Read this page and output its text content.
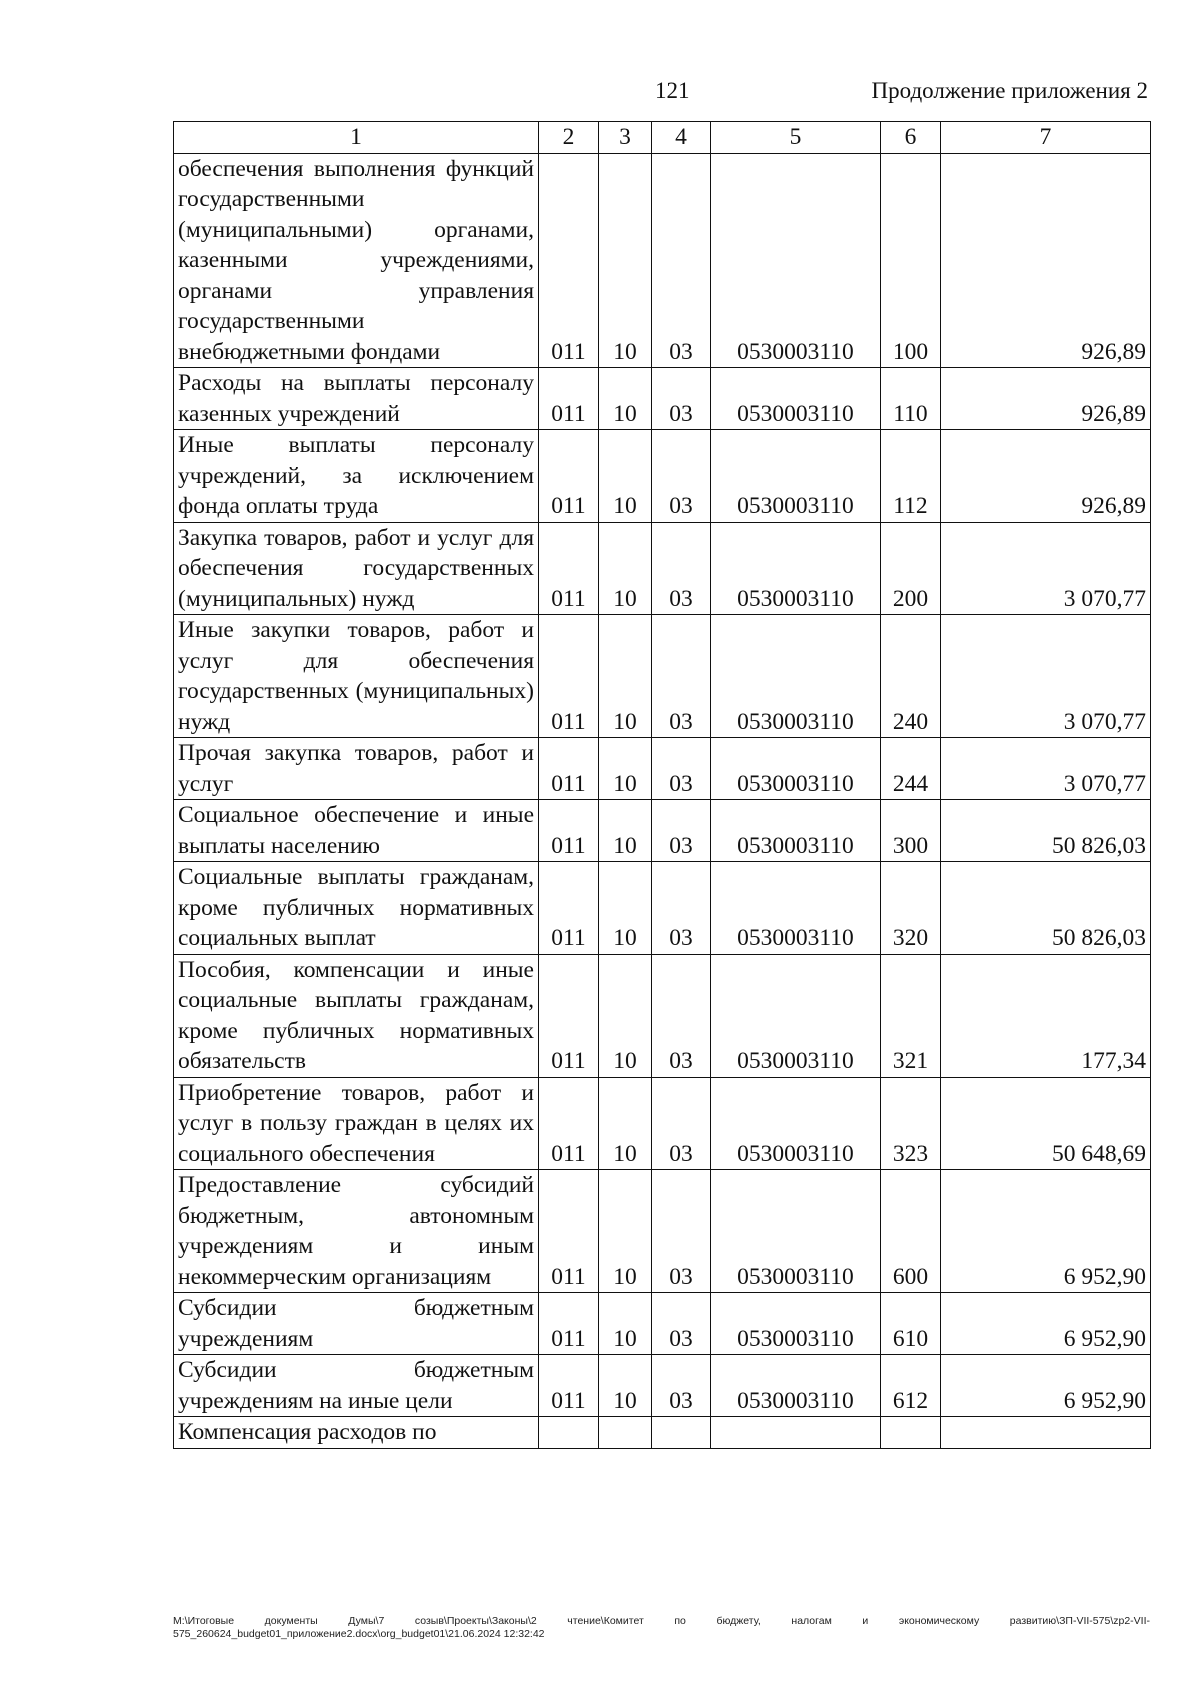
121	Продолжение приложения 2
1	2	3	4	5	6	7
обеспечения выполнения функций государственными (муниципальными) органами, казенными учреждениями, органами управления государственными внебюджетными фондами	011	10	03	0530003110	100	926,89
Расходы на выплаты персоналу казенных учреждений	011	10	03	0530003110	110	926,89
Иные выплаты персоналу учреждений, за исключением фонда оплаты труда	011	10	03	0530003110	112	926,89
Закупка товаров, работ и услуг для обеспечения государственных (муниципальных) нужд	011	10	03	0530003110	200	3 070,77
Иные закупки товаров, работ и услуг для обеспечения государственных (муниципальных) нужд	011	10	03	0530003110	240	3 070,77
Прочая закупка товаров, работ и услуг	011	10	03	0530003110	244	3 070,77
Социальное обеспечение и иные выплаты населению	011	10	03	0530003110	300	50 826,03
Социальные выплаты гражданам, кроме публичных нормативных социальных выплат	011	10	03	0530003110	320	50 826,03
Пособия, компенсации и иные социальные выплаты гражданам, кроме публичных нормативных обязательств	011	10	03	0530003110	321	177,34
Приобретение товаров, работ и услуг в пользу граждан в целях их социального обеспечения	011	10	03	0530003110	323	50 648,69
Предоставление субсидий бюджетным, автономным учреждениям и иным некоммерческим организациям	011	10	03	0530003110	600	6 952,90
Субсидии бюджетным учреждениям	011	10	03	0530003110	610	6 952,90
Субсидии бюджетным учреждениям на иные цели	011	10	03	0530003110	612	6 952,90
Компенсация расходов по						
M:\Итоговые документы Думы\7 созыв\Проекты\Законы\2 чтение\Комитет по бюджету, налогам и экономическому развитию\ЗП-VII-575\zp2-VII-575_260624_budget01_приложение2.docx\org_budget01\21.06.2024 12:32:42
